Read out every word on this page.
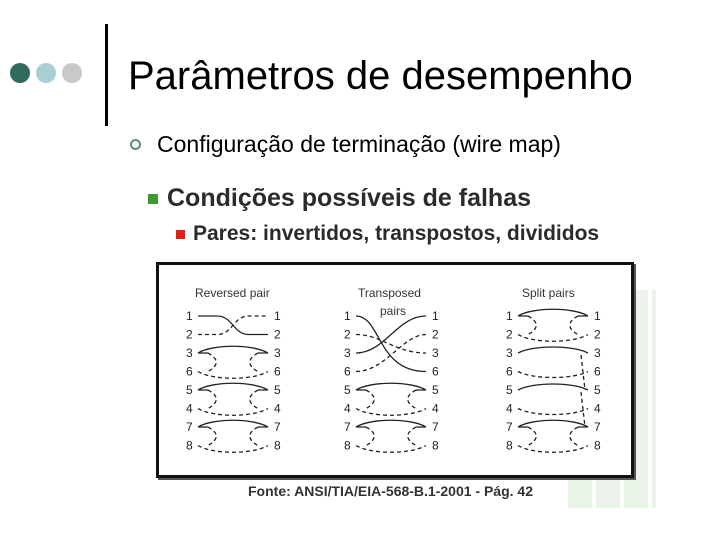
Parâmetros de desempenho
Configuração de terminação (wire map)
Condições possíveis de falhas
Pares: invertidos, transpostos, divididos
Reversed pair	Transposed
pairs
Split pairs
1
2
3
6
5
4
7
8
1
2
3
6
5
4
7
8
1
2
3
6
5
4
7
8
1
2
3
6
5
4
7
8
1
2
3
6
5
4
7
8
1
2
3
6
5
4
7
8
Fonte: ANSI/TIA/EIA-568-B.1-2001 - Pág. 42
